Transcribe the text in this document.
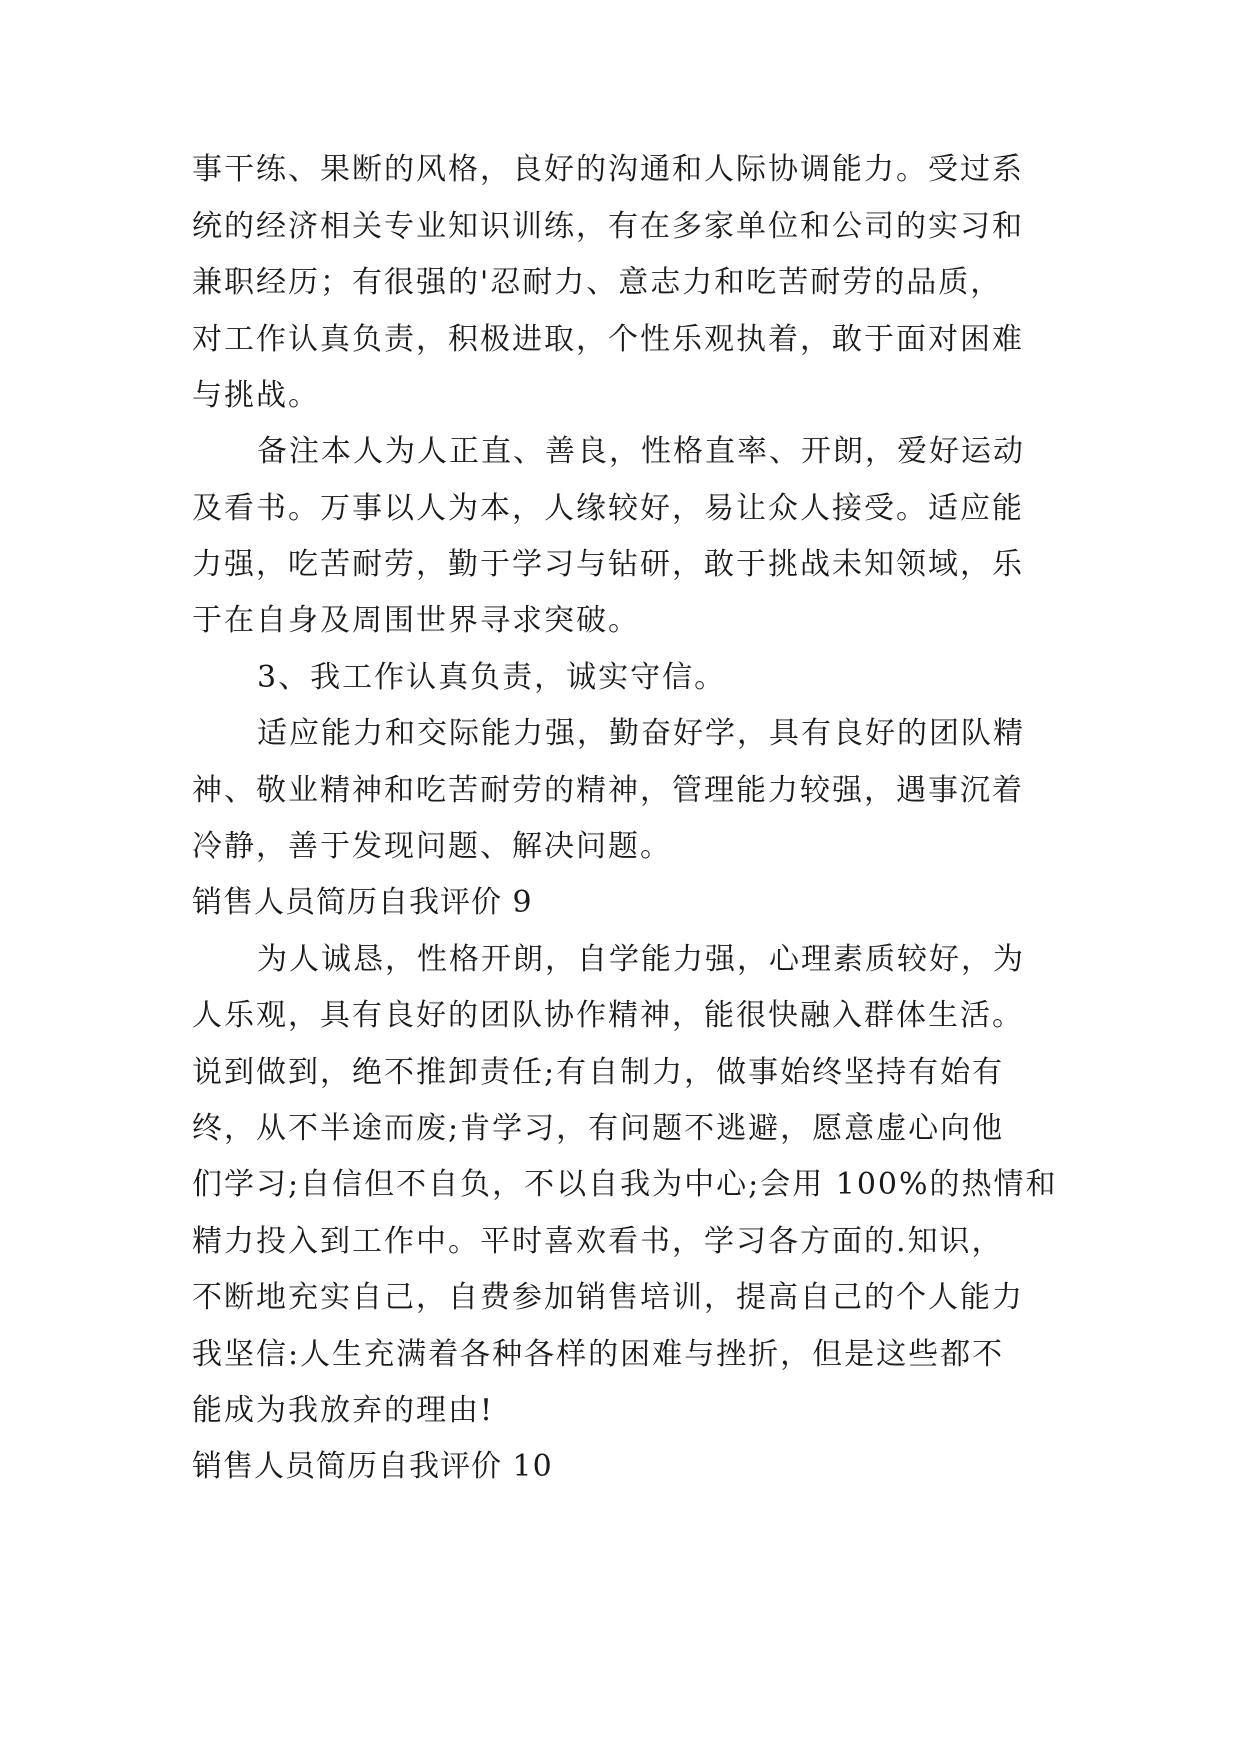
事干练、果断的风格，良好的沟通和人际协调能力。受过系
统的经济相关专业知识训练，有在多家单位和公司的实习和
兼职经历；有很强的'忍耐力、意志力和吃苦耐劳的品质，
对工作认真负责，积极进取，个性乐观执着，敢于面对困难
与挑战。
备注本人为人正直、善良，性格直率、开朗，爱好运动
及看书。万事以人为本，人缘较好，易让众人接受。适应能
力强，吃苦耐劳，勤于学习与钻研，敢于挑战未知领域，乐
于在自身及周围世界寻求突破。
3、我工作认真负责，诚实守信。
适应能力和交际能力强，勤奋好学，具有良好的团队精
神、敬业精神和吃苦耐劳的精神，管理能力较强，遇事沉着
冷静，善于发现问题、解决问题。
销售人员简历自我评价 9
为人诚恳，性格开朗，自学能力强，心理素质较好，为
人乐观，具有良好的团队协作精神，能很快融入群体生活。
说到做到，绝不推卸责任;有自制力，做事始终坚持有始有
终，从不半途而废;肯学习，有问题不逃避，愿意虚心向他
们学习;自信但不自负，不以自我为中心;会用 100%的热情和
精力投入到工作中。平时喜欢看书，学习各方面的.知识，
不断地充实自己，自费参加销售培训，提高自己的个人能力
我坚信:人生充满着各种各样的困难与挫折，但是这些都不
能成为我放弃的理由!
销售人员简历自我评价 10
